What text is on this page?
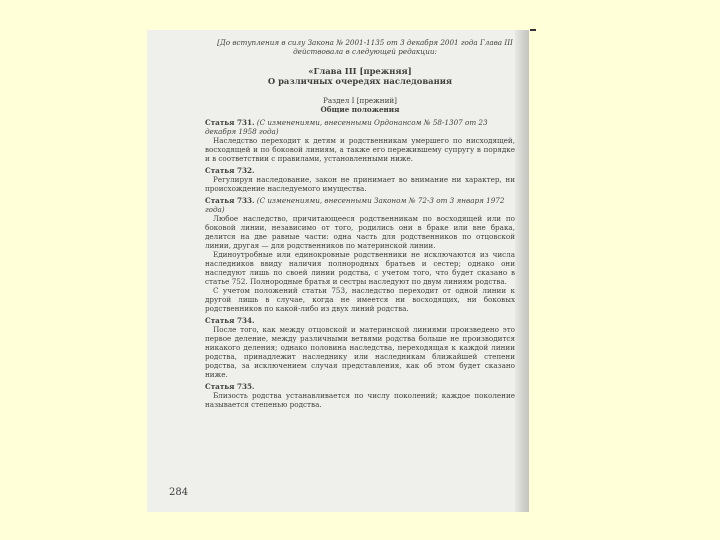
[До вступления в силу Закона № 2001-1135 от 3 декабря 2001 года Глава III действовала в следующей редакции:

«Глава III [прежняя]

О различных очередях наследования

Раздел I [прежний]

Общие положения

Статья 731. (С изменениями, внесенными Ордонансом № 58-1307 от 23 декабря 1958 года)

Наследство переходит к детям и родственникам умершего по нисходящей, восходящей и по боковой линиям, а также его пережившему супругу в порядке и в соответствии с правилами, установленными ниже.

Статья 732.

Регулируя наследование, закон не принимает во внимание ни характер, ни происхождение наследуемого имущества.

Статья 733. (С изменениями, внесенными Законом № 72-3 от 3 января 1972 года)

Любое наследство, причитающееся родственникам по восходящей или по боковой линии, независимо от того, родились они в браке или вне брака, делится на две равные части: одна часть для родственников по отцовской линии, другая — для родственников по материнской линии.

Единоутробные или единокровные родственники не исключаются из числа наследников ввиду наличия полнородных братьев и сестер; однако они наследуют лишь по своей линии родства, с учетом того, что будет сказано в статье 752. Полнородные братья и сестры наследуют по двум линиям родства.

С учетом положений статьи 753, наследство переходит от одной линии к другой лишь в случае, когда не имеется ни восходящих, ни боковых родственников по какой-либо из двух линий родства.

Статья 734.

После того, как между отцовской и материнской линиями произведено это первое деление, между различными ветвями родства больше не производится никакого деления; однако половина наследства, переходящая к каждой линии родства, принадлежит наследнику или наследникам ближайшей степени родства, за исключением случая представления, как об этом будет сказано ниже.

Статья 735.

Близость родства устанавливается по числу поколений; каждое поколение называется степенью родства.

284
